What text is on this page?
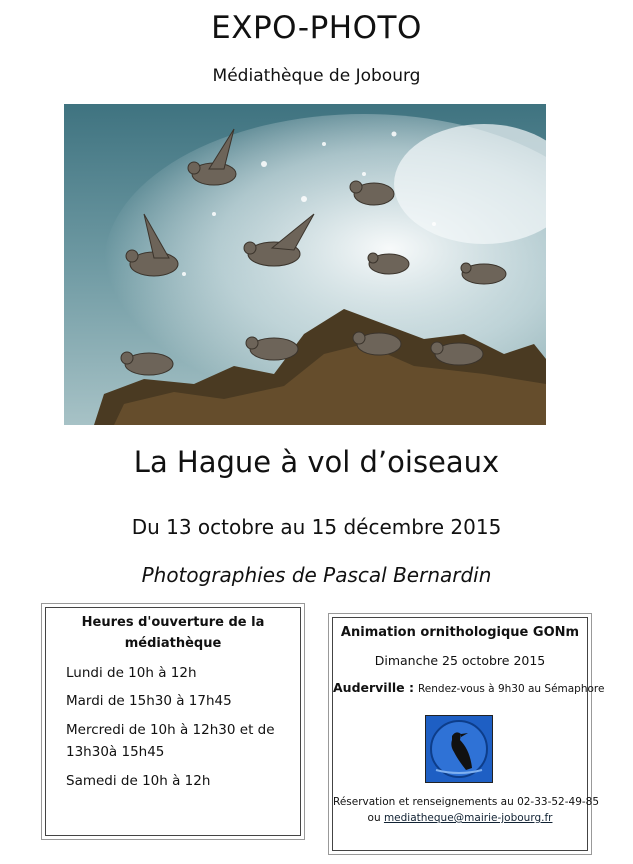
EXPO-PHOTO
Médiathèque de Jobourg
La Hague à vol d’oiseaux
Du 13 octobre au 15 décembre 2015
Photographies de Pascal Bernardin
Heures d'ouverture de la
médiathèque
Lundi de 10h à 12h
Mardi de 15h30 à 17h45
Mercredi de 10h à 12h30 et de
13h30à 15h45
Samedi de 10h à 12h
Animation ornithologique GONm
Dimanche 25 octobre 2015
Auderville : Rendez-vous à 9h30 au Sémaphore
Réservation et renseignements au 02-33-52-49-85
ou mediatheque@mairie-jobourg.fr
